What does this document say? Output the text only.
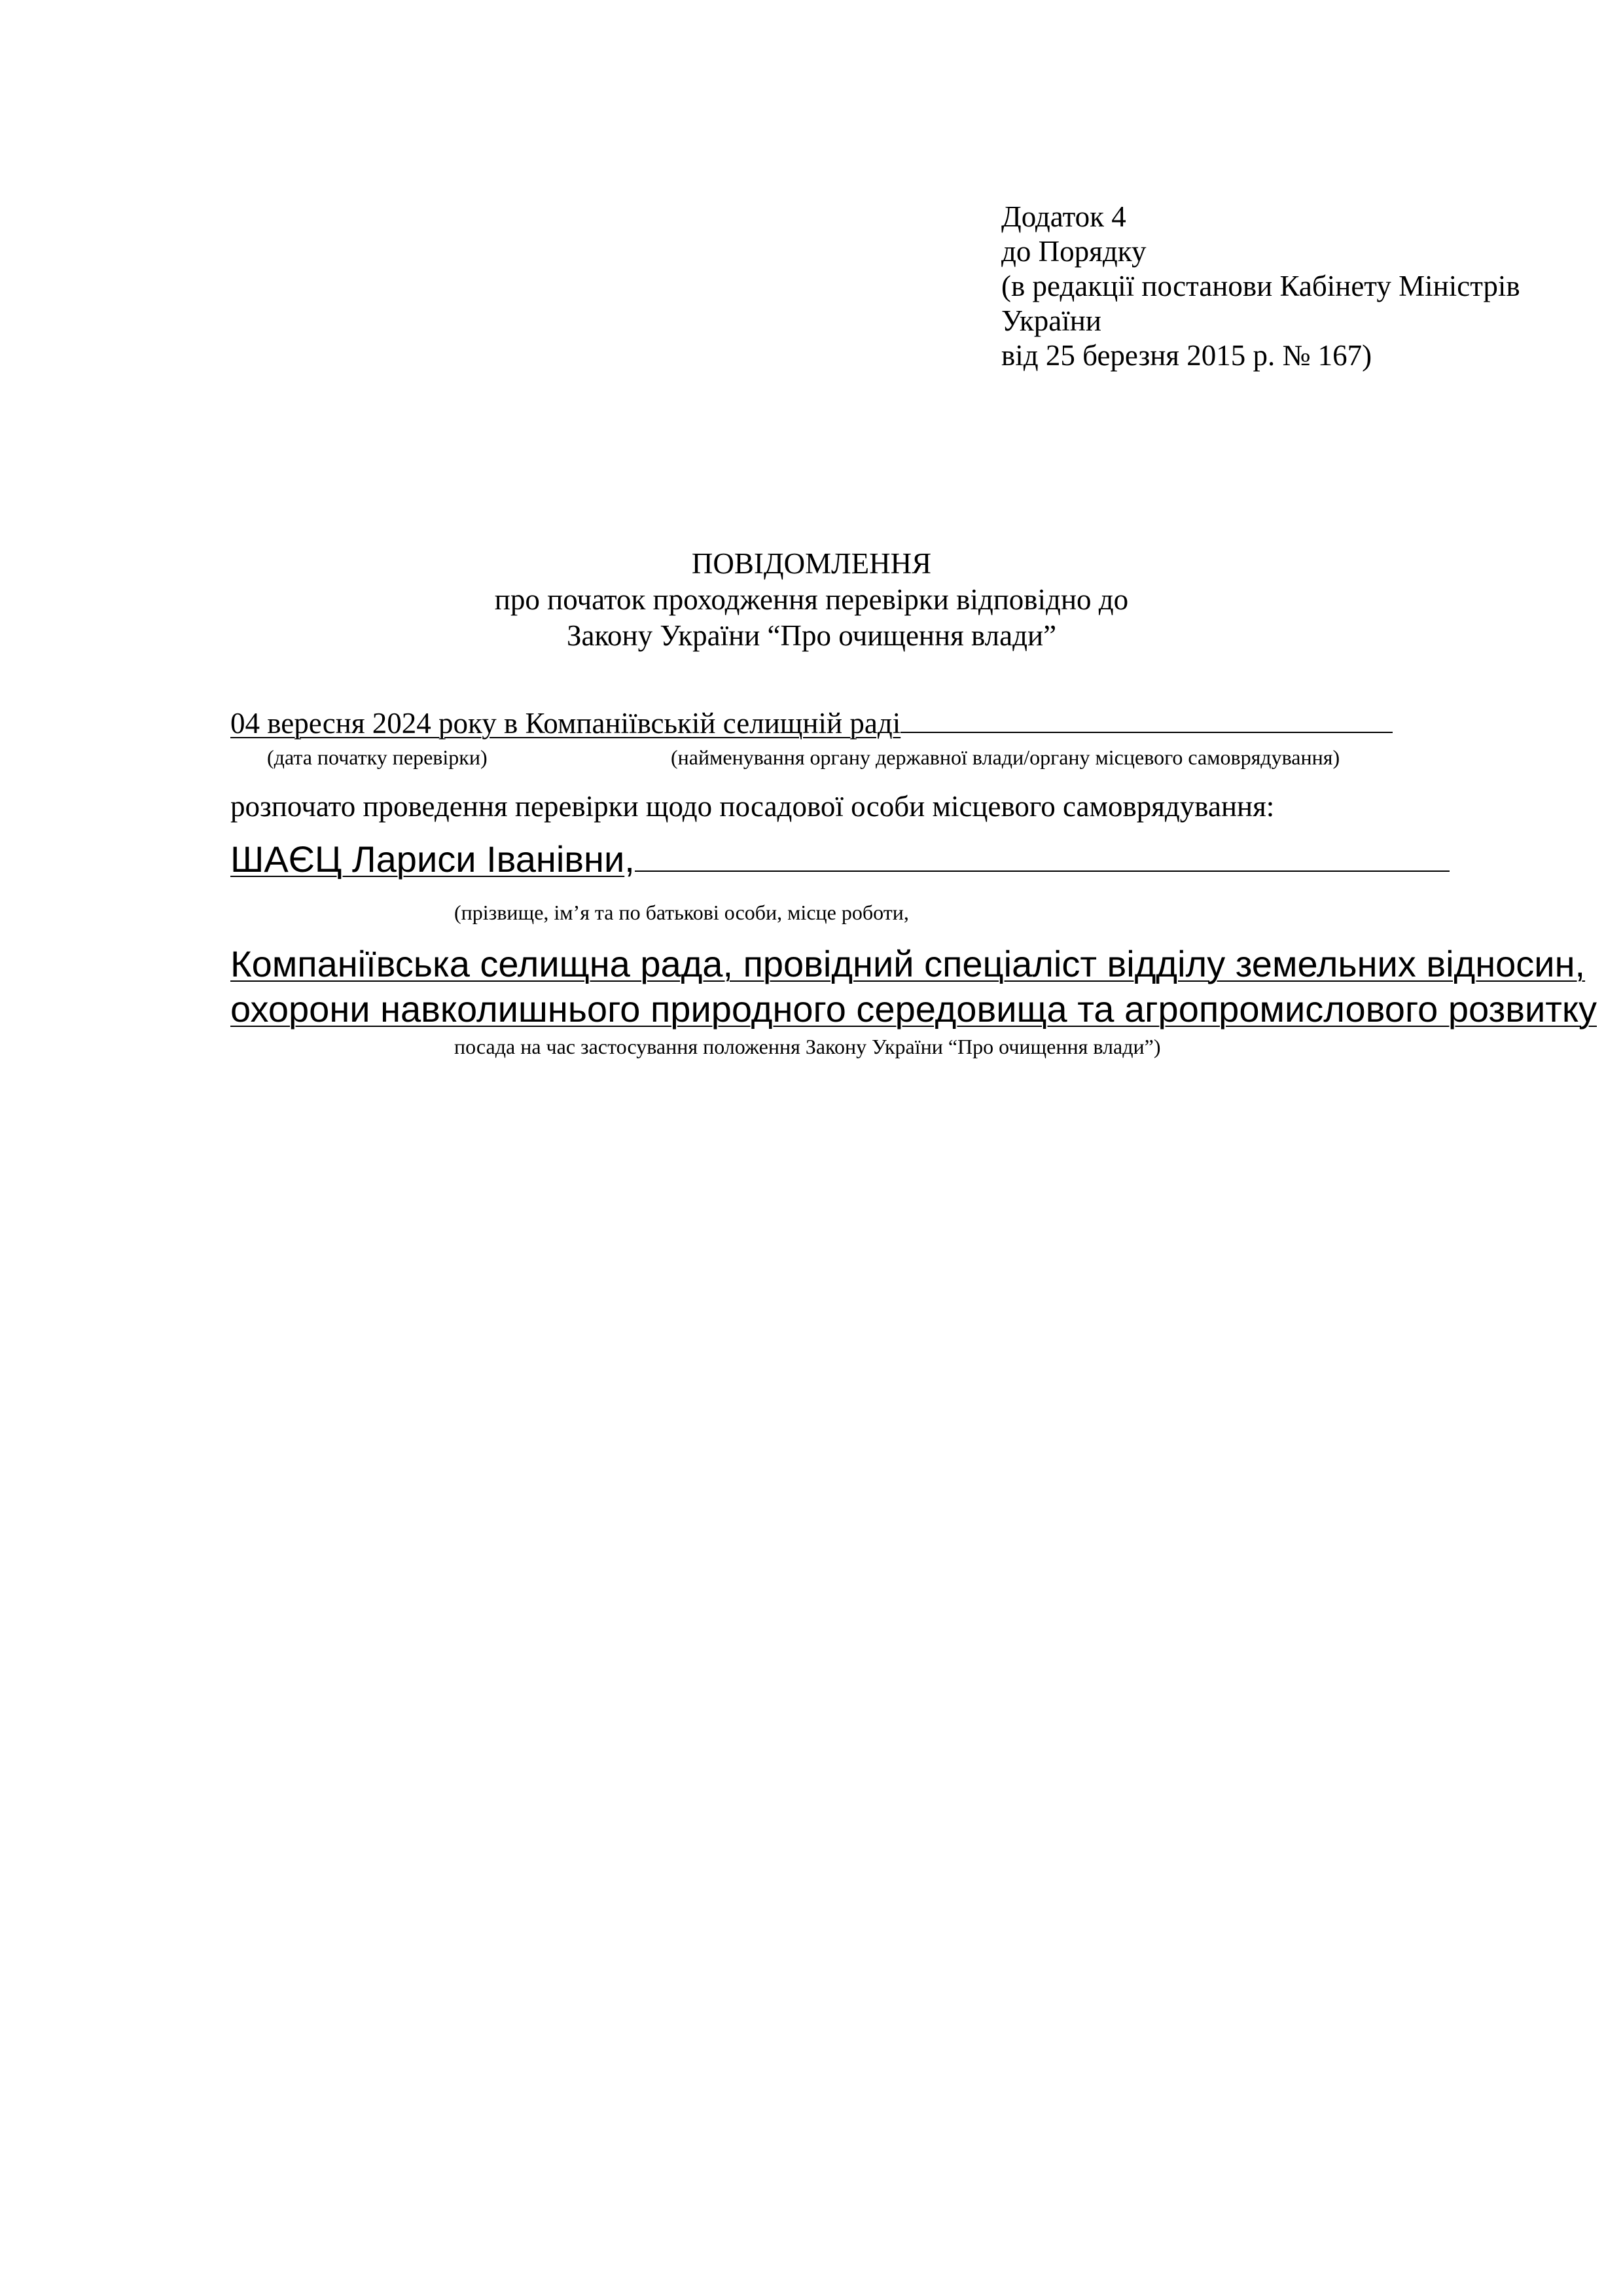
Додаток 4
до Порядку
(в редакції постанови Кабінету Міністрів
України
від 25 березня 2015 р. № 167)
ПОВІДОМЛЕННЯ
про початок проходження перевірки відповідно до
Закону України “Про очищення влади”
04 вересня 2024 року в Компаніївській селищній раді
(дата початку перевірки)	(найменування органу державної влади/органу місцевого самоврядування)
розпочато проведення перевірки щодо посадової особи місцевого самоврядування:
ШАЄЦ Лариси Іванівни,
(прізвище, ім’я та по батькові особи, місце роботи,
Компаніївська селищна рада, провідний спеціаліст відділу земельних відносин,
охорони навколишнього природного середовища та агропромислового розвитку
посада на час застосування положення Закону України “Про очищення влади”)
